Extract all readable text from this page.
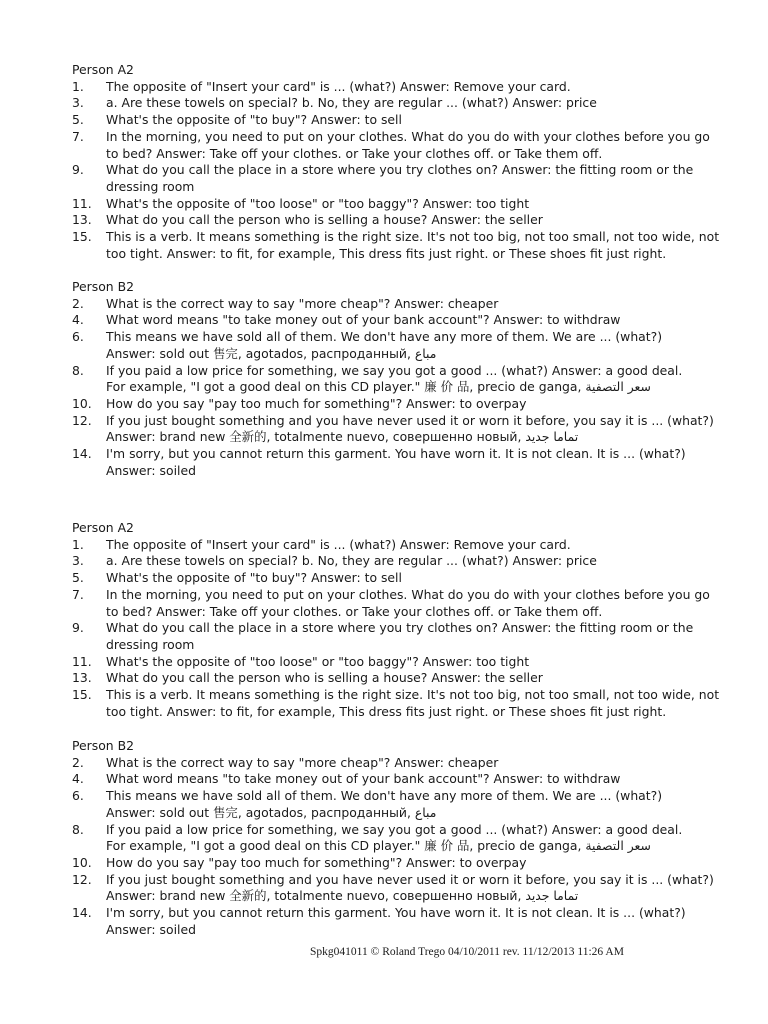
Person A2
1. The opposite of "Insert your card" is ... (what?) Answer: Remove your card.
3. a. Are these towels on special? b. No, they are regular ... (what?) Answer: price
5. What's the opposite of "to buy"? Answer: to sell
7. In the morning, you need to put on your clothes. What do you do with your clothes before you go
to bed? Answer: Take off your clothes. or Take your clothes off. or Take them off.
9. What do you call the place in a store where you try clothes on? Answer: the fitting room or the
dressing room
11. What's the opposite of "too loose" or "too baggy"? Answer: too tight
13. What do you call the person who is selling a house? Answer: the seller
15. This is a verb. It means something is the right size. It's not too big, not too small, not too wide, not
too tight. Answer: to fit, for example, This dress fits just right. or These shoes fit just right.
Person B2
2. What is the correct way to say "more cheap"? Answer: cheaper
4. What word means "to take money out of your bank account"? Answer: to withdraw
6. This means we have sold all of them. We don't have any more of them. We are ... (what?)
Answer: sold out 售完, agotados, распроданный, مباع
8. If you paid a low price for something, we say you got a good ... (what?) Answer: a good deal.
For example, "I got a good deal on this CD player." 廉 价 品, precio de ganga, سعر التصفية
10. How do you say "pay too much for something"? Answer: to overpay
12. If you just bought something and you have never used it or worn it before, you say it is ... (what?)
Answer: brand new 全新的, totalmente nuevo, совершенно новый, تماما جديد
14. I'm sorry, but you cannot return this garment. You have worn it. It is not clean. It is ... (what?)
Answer: soiled
Person A2
1. The opposite of "Insert your card" is ... (what?) Answer: Remove your card.
3. a. Are these towels on special? b. No, they are regular ... (what?) Answer: price
5. What's the opposite of "to buy"? Answer: to sell
7. In the morning, you need to put on your clothes. What do you do with your clothes before you go
to bed? Answer: Take off your clothes. or Take your clothes off. or Take them off.
9. What do you call the place in a store where you try clothes on? Answer: the fitting room or the
dressing room
11. What's the opposite of "too loose" or "too baggy"? Answer: too tight
13. What do you call the person who is selling a house? Answer: the seller
15. This is a verb. It means something is the right size. It's not too big, not too small, not too wide, not
too tight. Answer: to fit, for example, This dress fits just right. or These shoes fit just right.
Person B2
2. What is the correct way to say "more cheap"? Answer: cheaper
4. What word means "to take money out of your bank account"? Answer: to withdraw
6. This means we have sold all of them. We don't have any more of them. We are ... (what?)
Answer: sold out 售完, agotados, распроданный, مباع
8. If you paid a low price for something, we say you got a good ... (what?) Answer: a good deal.
For example, "I got a good deal on this CD player." 廉 价 品, precio de ganga, سعر التصفية
10. How do you say "pay too much for something"? Answer: to overpay
12. If you just bought something and you have never used it or worn it before, you say it is ... (what?)
Answer: brand new 全新的, totalmente nuevo, совершенно новый, تماما جديد
14. I'm sorry, but you cannot return this garment. You have worn it. It is not clean. It is ... (what?)
Answer: soiled
Spkg041011 © Roland Trego 04/10/2011 rev. 11/12/2013 11:26 AM
